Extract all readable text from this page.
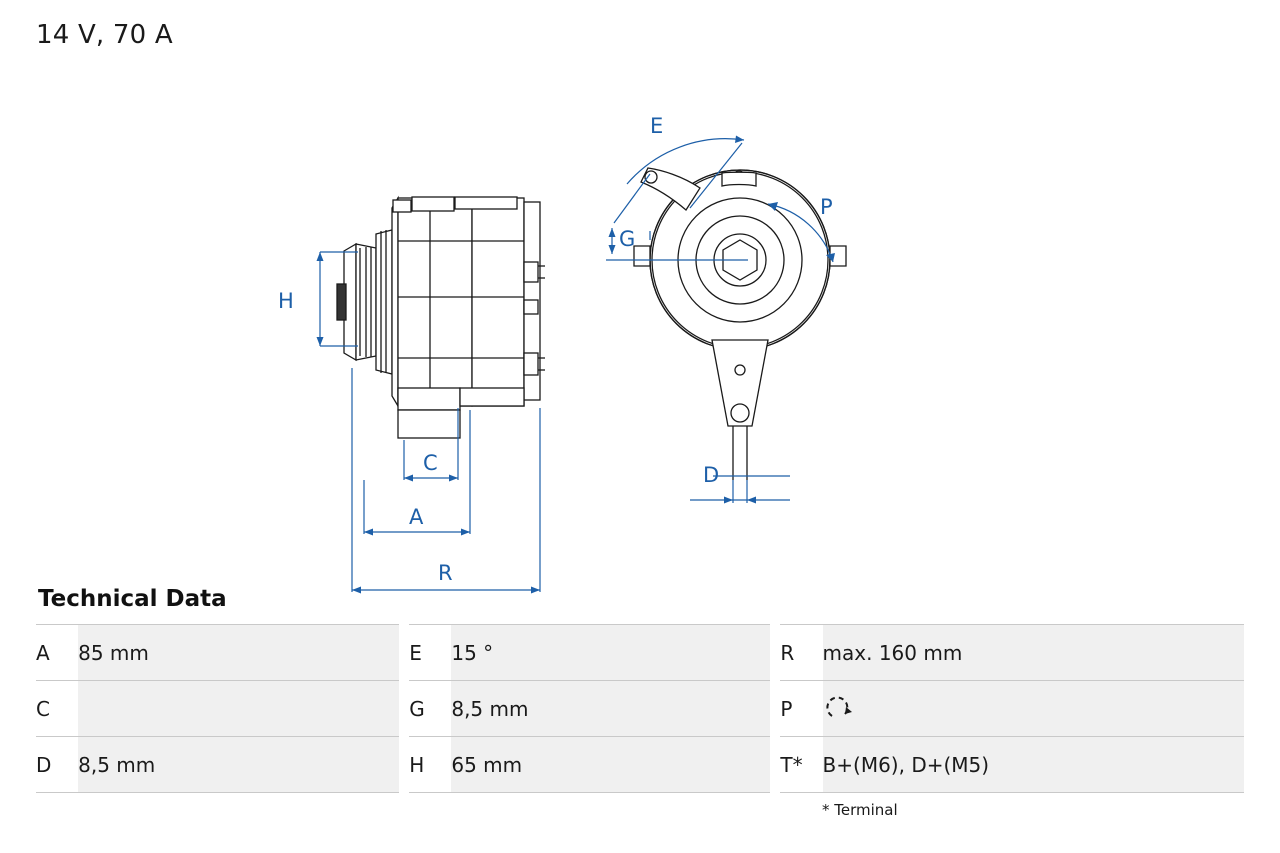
14 V, 70 A
H
C
A
R
E
G
P
D
Technical Data
A	85 mm		E	15 °		R	max. 160 mm
C			G	8,5 mm		P	
D	8,5 mm		H	65 mm		T*	B+(M6), D+(M5)
* Terminal
